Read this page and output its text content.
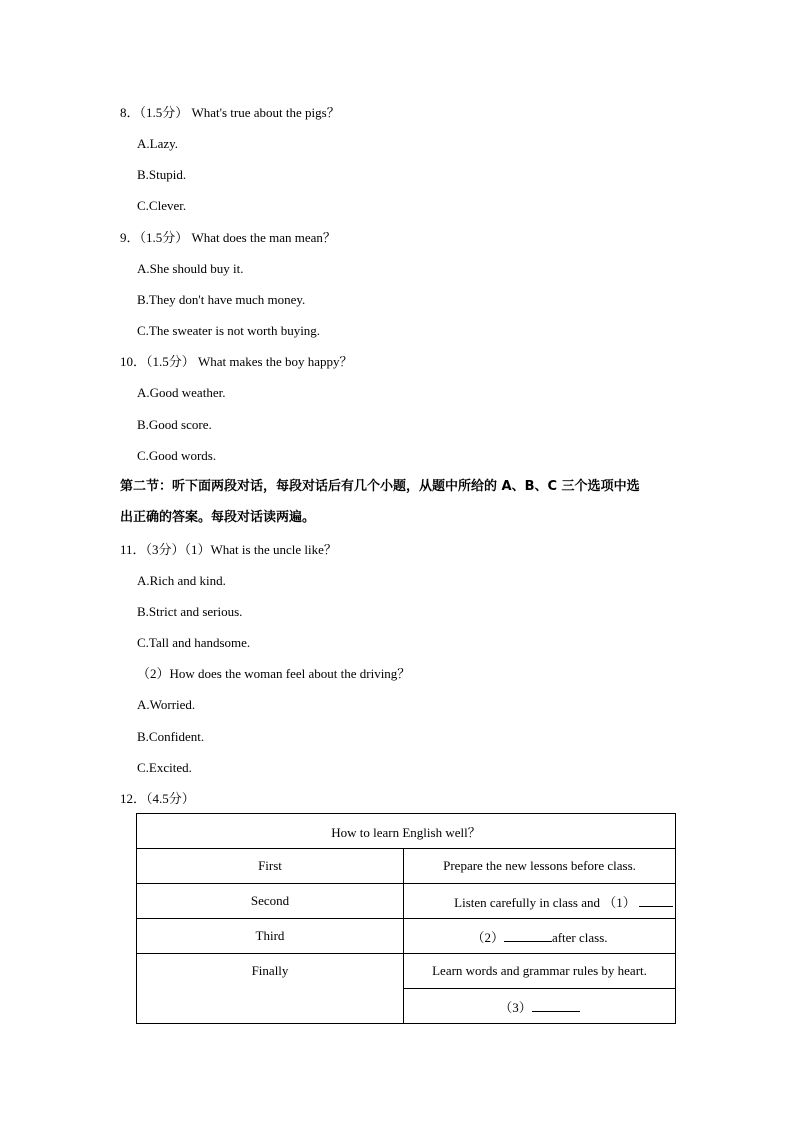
8．（1.5分） What's true about the pigs？
A.Lazy.
B.Stupid.
C.Clever.
9．（1.5分） What does the man mean？
A.She should buy it.
B.They don't have much money.
C.The sweater is not worth buying.
10．（1.5分） What makes the boy happy？
A.Good weather.
B.Good score.
C.Good words.
第二节：听下面两段对话，每段对话后有几个小题，从题中所给的 A、B、C 三个选项中选
出正确的答案。每段对话读两遍。
11．（3分）（1）What is the uncle like？
A.Rich and kind.
B.Strict and serious.
C.Tall and handsome.
（2）How does the woman feel about the driving？
A.Worried.
B.Confident.
C.Excited.
12．（4.5分）
How to learn English well？	
First	Prepare the new lessons before class.
Second	Listen carefully in class and （1）
Third	（2） after class.
Finally	Learn words and grammar rules by heart.
	（3）
